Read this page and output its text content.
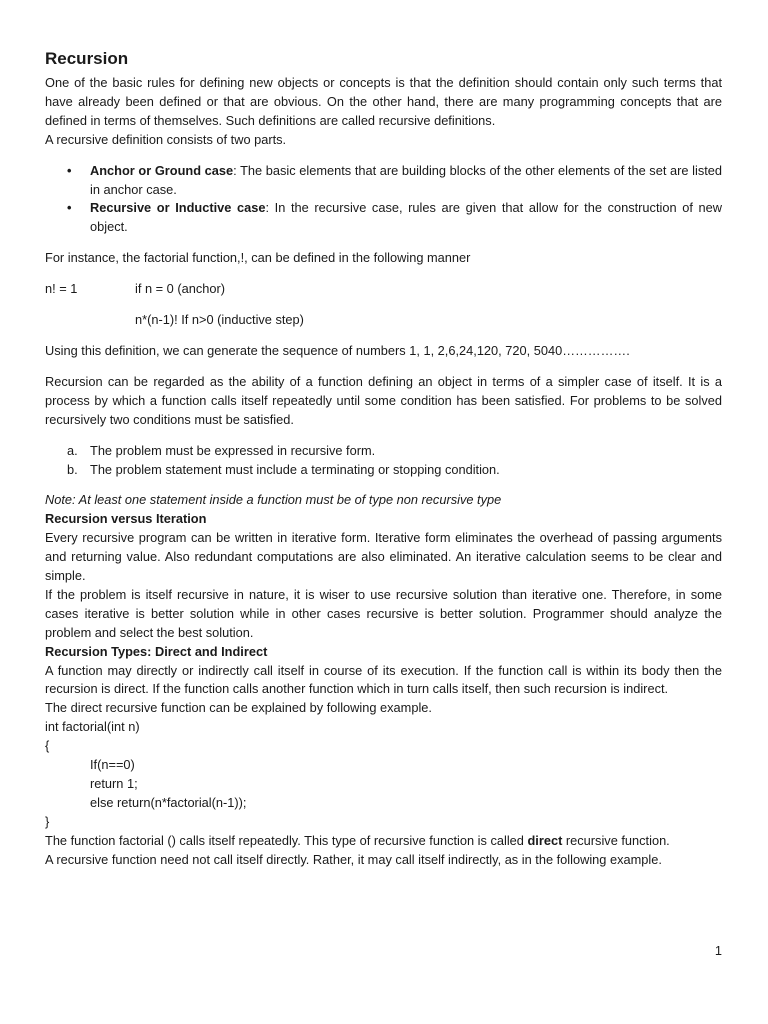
Recursion

One of the basic rules for defining new objects or concepts is that the definition should contain only such terms that have already been defined or that are obvious. On the other hand, there are many programming concepts that are defined in terms of themselves. Such definitions are called recursive definitions.

A recursive definition consists of two parts.

• Anchor or Ground case: The basic elements that are building blocks of the other elements of the set are listed in anchor case.
• Recursive or Inductive case: In the recursive case, rules are given that allow for the construction of new object.

For instance, the factorial function,!, can be defined in the following manner

n! = 1	if n = 0 (anchor)
n*(n-1)! If n>0 (inductive step)

Using this definition, we can generate the sequence of numbers 1, 1, 2,6,24,120, 720, 5040…………….

Recursion can be regarded as the ability of a function defining an object in terms of a simpler case of itself. It is a process by which a function calls itself repeatedly until some condition has been satisfied. For problems to be solved recursively two conditions must be satisfied.

a. The problem must be expressed in recursive form.
b. The problem statement must include a terminating or stopping condition.

Note: At least one statement inside a function must be of type non recursive type

Recursion versus Iteration

Every recursive program can be written in iterative form. Iterative form eliminates the overhead of passing arguments and returning value. Also redundant computations are also eliminated. An iterative calculation seems to be clear and simple.

If the problem is itself recursive in nature, it is wiser to use recursive solution than iterative one. Therefore, in some cases iterative is better solution while in other cases recursive is better solution. Programmer should analyze the problem and select the best solution.

Recursion Types: Direct and Indirect

A function may directly or indirectly call itself in course of its execution. If the function call is within its body then the recursion is direct. If the function calls another function which in turn calls itself, then such recursion is indirect.

The direct recursive function can be explained by following example.

int factorial(int n)
{
If(n==0)
return 1;
else return(n*factorial(n-1));
}

The function factorial () calls itself repeatedly. This type of recursive function is called direct recursive function.

A recursive function need not call itself directly. Rather, it may call itself indirectly, as in the following example.

1
